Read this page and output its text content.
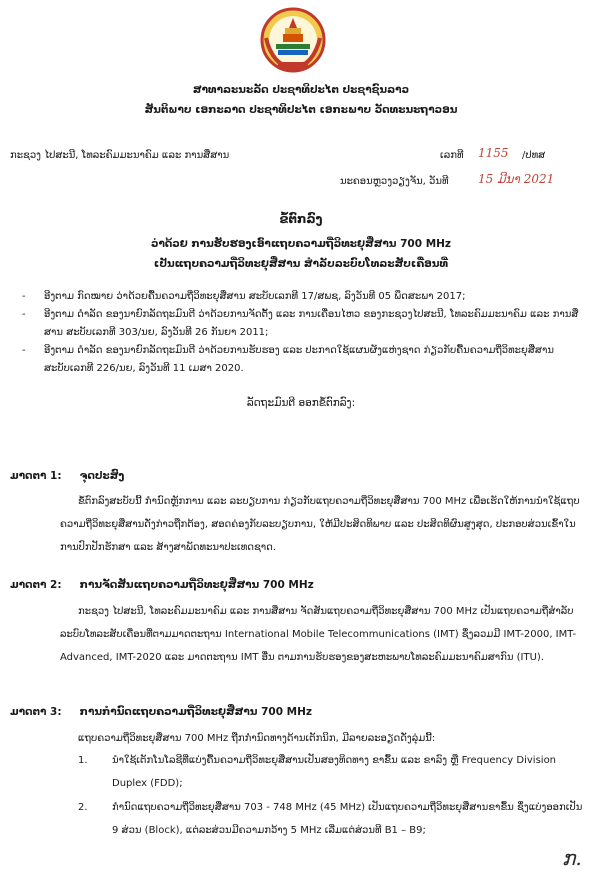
ສາທາລະນະລັດ ປະຊາທິປະໄຕ ປະຊາຊົນລາວ
ສັນຕິພາບ ເອກະລາດ ປະຊາທິປະໄຕ ເອກະພາບ ວັດທະນະຖາວອນ
ກະຊວງ ໄປສະນີ, ໂທລະຄົມມະນາຄົມ ແລະ ການສື່ສານ	ເລກທີ 1155 /ປທສ
ນະຄອນຫຼວງວຽງຈັນ, ວັນທີ 15 ມີນາ 2021
ຂໍ້ຕົກລົງ
ວ່າດ້ວຍ ການຮັບຮອງເອົາແຖບຄວາມຖີ່ວິທະຍຸສື່ສານ 700 MHz
ເປັນແຖບຄວາມຖີ່ວິທະຍຸສື່ສານ ສໍາລັບລະບົບໂທລະສັບເຄື່ອນທີ່
-	ອີງຕາມ ກົດໝາຍ ວ່າດ້ວຍຄື້ນຄວາມຖີ່ວິທະຍຸສື່ສານ ສະບັບເລກທີ 17/ສພຊ, ລົງວັນທີ 05 ພຶດສະພາ 2017;
-	ອີງຕາມ ດໍາລັດ ຂອງນາຍົກລັດຖະມົນຕີ ວ່າດ້ວຍການຈັດຕັ້ງ ແລະ ການເຄື່ອນໄຫວ ຂອງກະຊວງໄປສະນີ, ໂທລະຄົມມະນາຄົມ ແລະ ການສື່ສານ ສະບັບເລກທີ 303/ນຍ, ລົງວັນທີ 26 ກັນຍາ 2011;
-	ອີງຕາມ ດໍາລັດ ຂອງນາຍົກລັດຖະມົນຕີ ວ່າດ້ວຍການຮັບຮອງ ແລະ ປະກາດໃຊ້ແຜນຜັງແຫ່ງຊາດ ກ່ຽວກັບຄື້ນຄວາມຖີ່ວິທະຍຸສື່ສານ ສະບັບເລກທີ 226/ນຍ, ລົງວັນທີ 11 ເມສາ 2020.
ລັດຖະມົນຕີ ອອກຂໍ້ຕົກລົງ:
ມາດຕາ 1: ຈຸດປະສົງ
ຂໍ້ຕົກລົງສະບັບນີ້ ກໍານົດຫຼັກການ ແລະ ລະບຽບການ ກ່ຽວກັບແຖບຄວາມຖີ່ວິທະຍຸສື່ສານ 700 MHz ເພື່ອເຮັດໃຫ້ການນໍາໃຊ້ແຖບຄວາມຖີ່ວິທະຍຸສື່ສານດັ່ງກ່າວຖືກຕ້ອງ, ສອດຄ່ອງກັບລະບຽບການ, ໃຫ້ມີປະສິດທິພາບ ແລະ ປະສິດທິຜົນສູງສຸດ, ປະກອບສ່ວນເຂົ້າໃນການປົກປັກຮັກສາ ແລະ ສ້າງສາພັດທະນາປະເທດຊາດ.
ມາດຕາ 2: ການຈັດສັນແຖບຄວາມຖີ່ວິທະຍຸສື່ສານ 700 MHz
ກະຊວງ ໄປສະນີ, ໂທລະຄົມມະນາຄົມ ແລະ ການສື່ສານ ຈັດສັນແຖບຄວາມຖີ່ວິທະຍຸສື່ສານ 700 MHz ເປັນແຖບຄວາມຖີ່ສໍາລັບລະບົບໂທລະສັບເຄື່ອນທີ່ຕາມມາດຕະຖານ International Mobile Telecommunications (IMT) ຊຶ່ງລວມມີ IMT-2000, IMT-Advanced, IMT-2020 ແລະ ມາດຕະຖານ IMT ອື່ນ ຕາມການຮັບຮອງຂອງສະຫະພາບໂທລະຄົມມະນາຄົມສາກົນ (ITU).
ມາດຕາ 3: ການກໍານົດແຖບຄວາມຖີ່ວິທະຍຸສື່ສານ 700 MHz
ແຖບຄວາມຖີ່ວິທະຍຸສື່ສານ 700 MHz ຖືກກໍານົດທາງດ້ານເຕັກນິກ, ມີລາຍລະອຽດດັ່ງລຸ່ມນີ້:
1.	ນໍາໃຊ້ເຕັກໂນໂລຊີທີ່ແບ່ງຄື້ນຄວາມຖີ່ວິທະຍຸສື່ສານເປັນສອງທິດທາງ ຂາຂຶ້ນ ແລະ ຂາລົງ ຫຼື Frequency Division Duplex (FDD);
2.	ກໍານົດແຖບຄວາມຖີ່ວິທະຍຸສື່ສານ 703 - 748 MHz (45 MHz) ເປັນແຖບຄວາມຖີ່ວິທະຍຸສື່ສານຂາຂຶ້ນ ຊຶ່ງແບ່ງອອກເປັນ 9 ສ່ວນ (Block), ແຕ່ລະສ່ວນມີຄວາມກວ້າງ 5 MHz ເລີ່ມແຕ່ສ່ວນທີ B1 – B9;
ກ.
